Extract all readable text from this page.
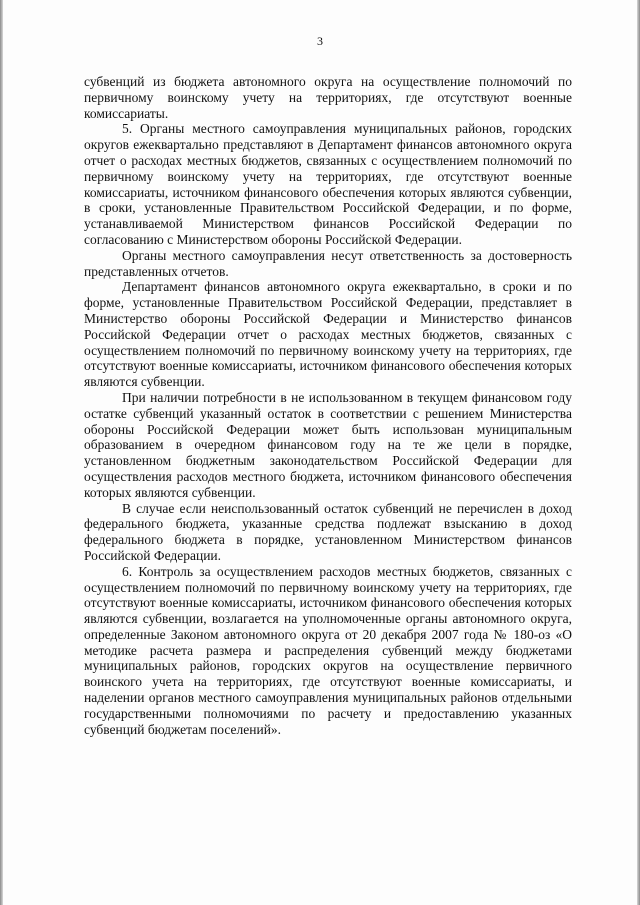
3

субвенций из бюджета автономного округа на осуществление полномочий по первичному воинскому учету на территориях, где отсутствуют военные комиссариаты.

5. Органы местного самоуправления муниципальных районов, городских округов ежеквартально представляют в Департамент финансов автономного округа отчет о расходах местных бюджетов, связанных с осуществлением полномочий по первичному воинскому учету на территориях, где отсутствуют военные комиссариаты, источником финансового обеспечения которых являются субвенции, в сроки, установленные Правительством Российской Федерации, и по форме, устанавливаемой Министерством финансов Российской Федерации по согласованию с Министерством обороны Российской Федерации.

Органы местного самоуправления несут ответственность за достоверность представленных отчетов.

Департамент финансов автономного округа ежеквартально, в сроки и по форме, установленные Правительством Российской Федерации, представляет в Министерство обороны Российской Федерации и Министерство финансов Российской Федерации отчет о расходах местных бюджетов, связанных с осуществлением полномочий по первичному воинскому учету на территориях, где отсутствуют военные комиссариаты, источником финансового обеспечения которых являются субвенции.

При наличии потребности в не использованном в текущем финансовом году остатке субвенций указанный остаток в соответствии с решением Министерства обороны Российской Федерации может быть использован муниципальным образованием в очередном финансовом году на те же цели в порядке, установленном бюджетным законодательством Российской Федерации для осуществления расходов местного бюджета, источником финансового обеспечения которых являются субвенции.

В случае если неиспользованный остаток субвенций не перечислен в доход федерального бюджета, указанные средства подлежат взысканию в доход федерального бюджета в порядке, установленном Министерством финансов Российской Федерации.

6. Контроль за осуществлением расходов местных бюджетов, связанных с осуществлением полномочий по первичному воинскому учету на территориях, где отсутствуют военные комиссариаты, источником финансового обеспечения которых являются субвенции, возлагается на уполномоченные органы автономного округа, определенные Законом автономного округа от 20 декабря 2007 года № 180-оз «О методике расчета размера и распределения субвенций между бюджетами муниципальных районов, городских округов на осуществление первичного воинского учета на территориях, где отсутствуют военные комиссариаты, и наделении органов местного самоуправления муниципальных районов отдельными государственными полномочиями по расчету и предоставлению указанных субвенций бюджетам поселений».
